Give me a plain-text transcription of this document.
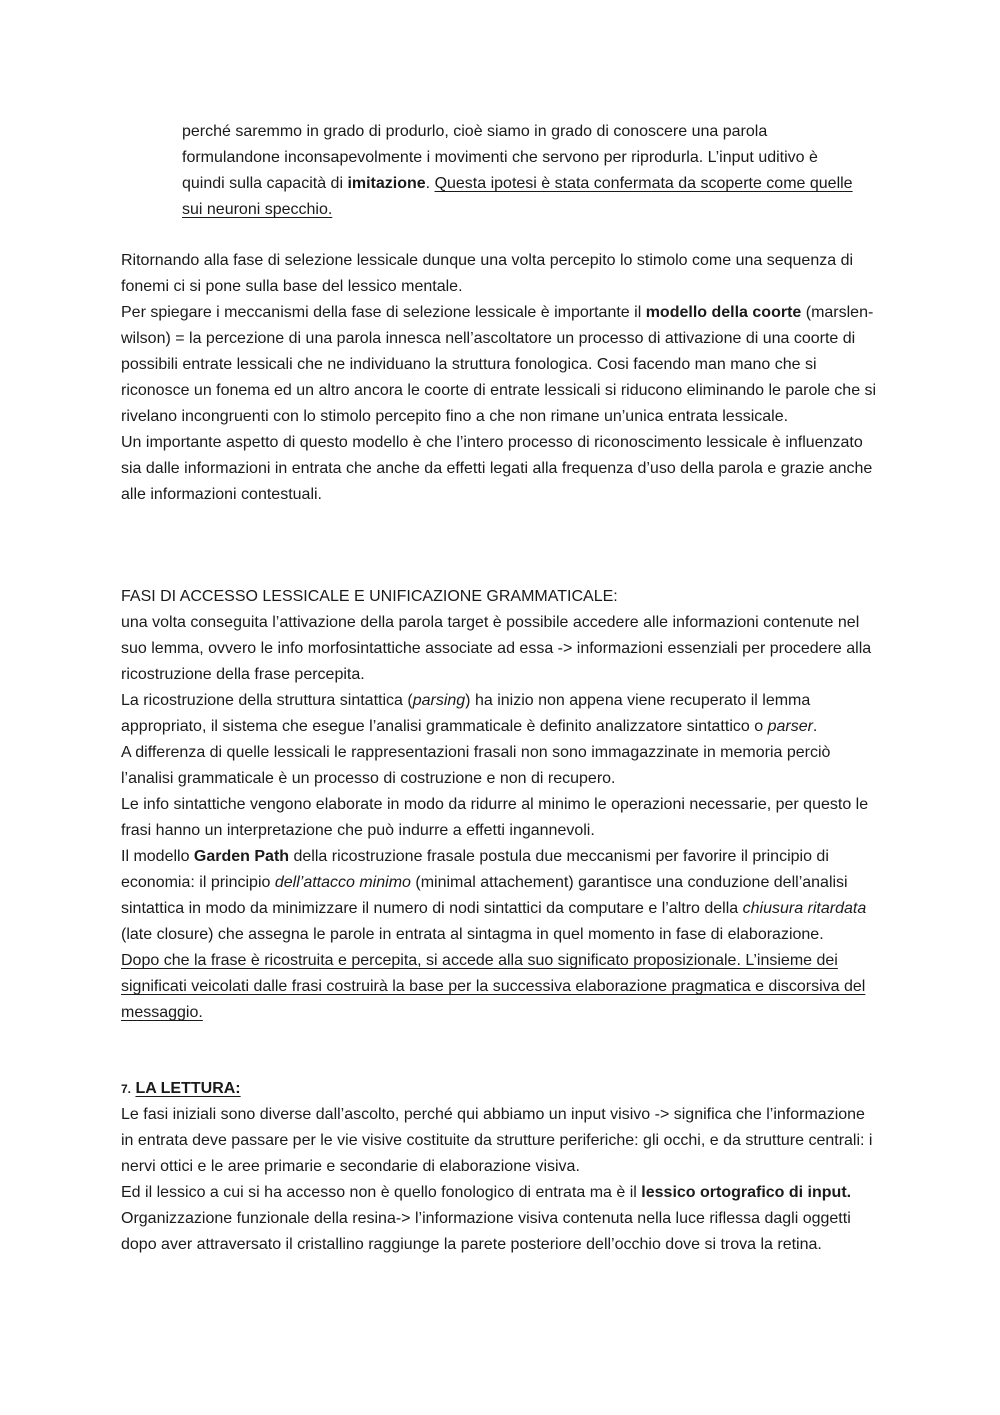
perché saremmo in grado di produrlo, cioè siamo in grado di conoscere una parola formulandone inconsapevolmente i movimenti che servono per riprodurla. L’input uditivo è quindi sulla capacità di imitazione. Questa ipotesi è stata confermata da scoperte come quelle sui neuroni specchio.

Ritornando alla fase di selezione lessicale dunque una volta percepito lo stimolo come una sequenza di fonemi ci si pone sulla base del lessico mentale.

Per spiegare i meccanismi della fase di selezione lessicale è importante il modello della coorte (marslen-wilson) = la percezione di una parola innesca nell’ascoltatore un processo di attivazione di una coorte di possibili entrate lessicali che ne individuano la struttura fonologica. Cosi facendo man mano che si riconosce un fonema ed un altro ancora le coorte di entrate lessicali si riducono eliminando le parole che si rivelano incongruenti con lo stimolo percepito fino a che non rimane un’unica entrata lessicale.

Un importante aspetto di questo modello è che l’intero processo di riconoscimento lessicale è influenzato sia dalle informazioni in entrata che anche da effetti legati alla frequenza d’uso della parola e grazie anche alle informazioni contestuali.

FASI DI ACCESSO LESSICALE E UNIFICAZIONE GRAMMATICALE:

una volta conseguita l’attivazione della parola target è possibile accedere alle informazioni contenute nel suo lemma, ovvero le info morfosintattiche associate ad essa -> informazioni essenziali per procedere alla ricostruzione della frase percepita.

La ricostruzione della struttura sintattica (parsing) ha inizio non appena viene recuperato il lemma appropriato, il sistema che esegue l’analisi grammaticale è definito analizzatore sintattico o parser.

A differenza di quelle lessicali le rappresentazioni frasali non sono immagazzinate in memoria perciò l’analisi grammaticale è un processo di costruzione e non di recupero.

Le info sintattiche vengono elaborate in modo da ridurre al minimo le operazioni necessarie, per questo le frasi hanno un interpretazione che può indurre a effetti ingannevoli.

Il modello Garden Path della ricostruzione frasale postula due meccanismi per favorire il principio di economia: il principio dell’attacco minimo (minimal attachement) garantisce una conduzione dell’analisi sintattica in modo da minimizzare il numero di nodi sintattici da computare e l’altro della chiusura ritardata (late closure) che assegna le parole in entrata al sintagma in quel momento in fase di elaborazione.

Dopo che la frase è ricostruita e percepita, si accede alla suo significato proposizionale. L’insieme dei significati veicolati dalle frasi costruirà la base per la successiva elaborazione pragmatica e discorsiva del messaggio.

7. LA LETTURA:

Le fasi iniziali sono diverse dall’ascolto, perché qui abbiamo un input visivo -> significa che l’informazione in entrata deve passare per le vie visive costituite da strutture periferiche: gli occhi, e da strutture centrali: i nervi ottici e le aree primarie e secondarie di elaborazione visiva.

Ed il lessico a cui si ha accesso non è quello fonologico di entrata ma è il lessico ortografico di input.

Organizzazione funzionale della resina-> l’informazione visiva contenuta nella luce riflessa dagli oggetti dopo aver attraversato il cristallino raggiunge la parete posteriore dell’occhio dove si trova la retina.
